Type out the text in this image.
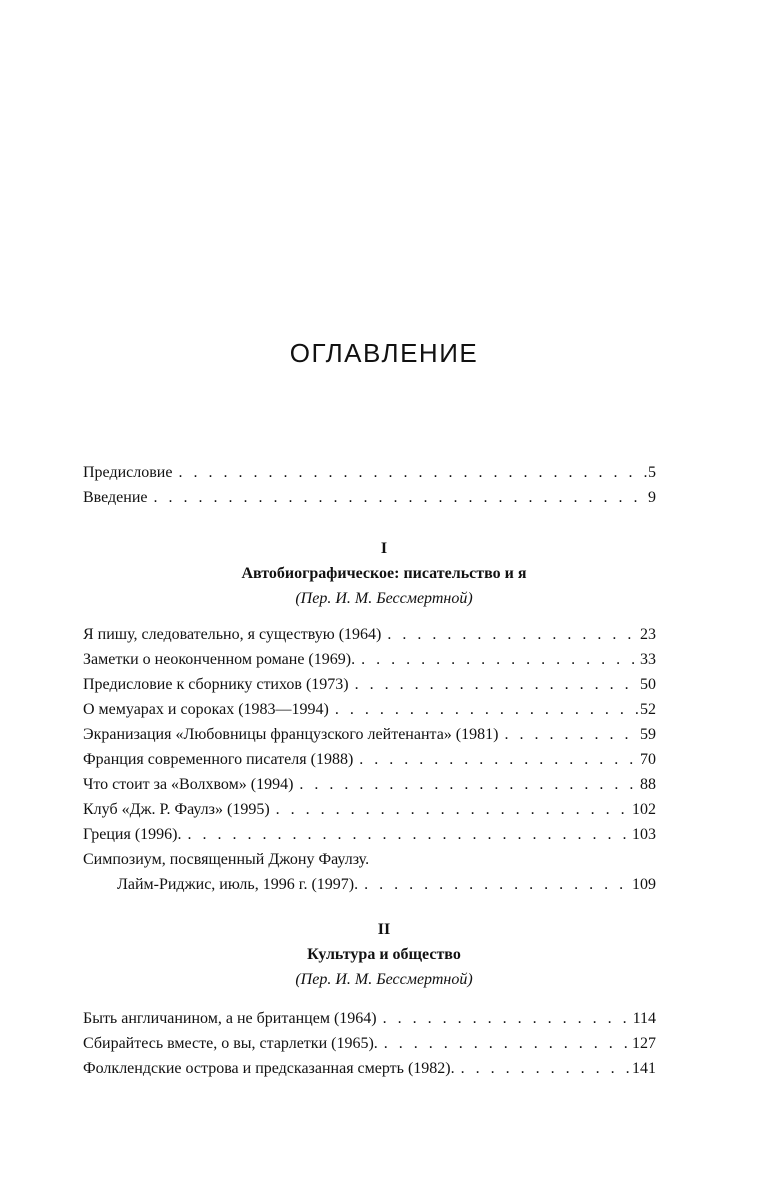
ОГЛАВЛЕНИЕ
Предисловие . . .	5
Введение . . .	9
I
Автобиографическое: писательство и я
(Пер. И. М. Бессмертной)
Я пишу, следовательно, я существую (1964) . . .	23
Заметки о неоконченном романе (1969). . . .	33
Предисловие к сборнику стихов (1973) . . .	50
О мемуарах и сороках (1983—1994) . . .	52
Экранизация «Любовницы французского лейтенанта» (1981) . . .	59
Франция современного писателя (1988) . . .	70
Что стоит за «Волхвом» (1994) . . .	88
Клуб «Дж. Р. Фаулз» (1995) . . .	102
Греция (1996). . . .	103
Симпозиум, посвященный Джону Фаулзу.
Лайм-Риджис, июль, 1996 г. (1997). . . .	109
II
Культура и общество
(Пер. И. М. Бессмертной)
Быть англичанином, а не британцем (1964) . . .	114
Сбирайтесь вместе, о вы, старлетки (1965). . . .	127
Фолклендские острова и предсказанная смерть (1982). . . .	141
